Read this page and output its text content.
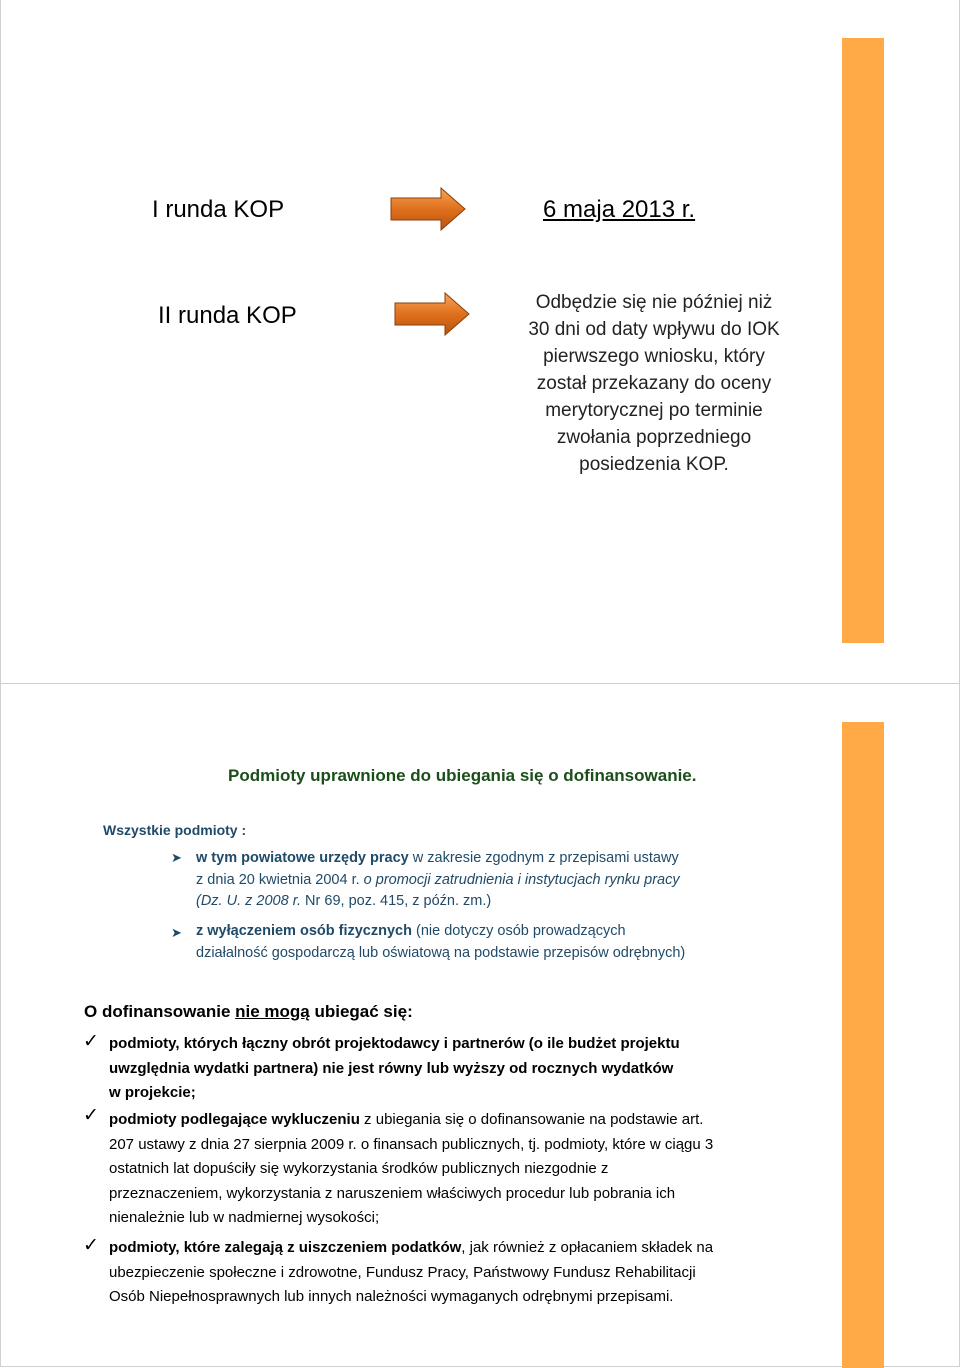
I runda KOP	6 maja 2013 r.
II runda KOP	Odbędzie się nie później niż
30 dni od daty wpływu do IOK
pierwszego wniosku, który
został przekazany do oceny
merytorycznej po terminie
zwołania poprzedniego
posiedzenia KOP.
Podmioty uprawnione do ubiegania się o dofinansowanie.
Wszystkie podmioty :
➤ w tym powiatowe urzędy pracy w zakresie zgodnym z przepisami ustawy
z dnia 20 kwietnia 2004 r. o promocji zatrudnienia i instytucjach rynku pracy
(Dz. U. z 2008 r. Nr 69, poz. 415, z późn. zm.)
➤ z wyłączeniem osób fizycznych (nie dotyczy osób prowadzących
działalność gospodarczą lub oświatową na podstawie przepisów odrębnych)
O dofinansowanie nie mogą ubiegać się:
✓ podmioty, których łączny obrót projektodawcy i partnerów (o ile budżet projektu
uwzględnia wydatki partnera) nie jest równy lub wyższy od rocznych wydatków
w projekcie;
✓ podmioty podlegające wykluczeniu z ubiegania się o dofinansowanie na podstawie art.
207 ustawy z dnia 27 sierpnia 2009 r. o finansach publicznych, tj. podmioty, które w ciągu 3
ostatnich lat dopuściły się wykorzystania środków publicznych niezgodnie z
przeznaczeniem, wykorzystania z naruszeniem właściwych procedur lub pobrania ich
nienależnie lub w nadmiernej wysokości;
✓ podmioty, które zalegają z uiszczeniem podatków, jak również z opłacaniem składek na
ubezpieczenie społeczne i zdrowotne, Fundusz Pracy, Państwowy Fundusz Rehabilitacji
Osób Niepełnosprawnych lub innych należności wymaganych odrębnymi przepisami.
